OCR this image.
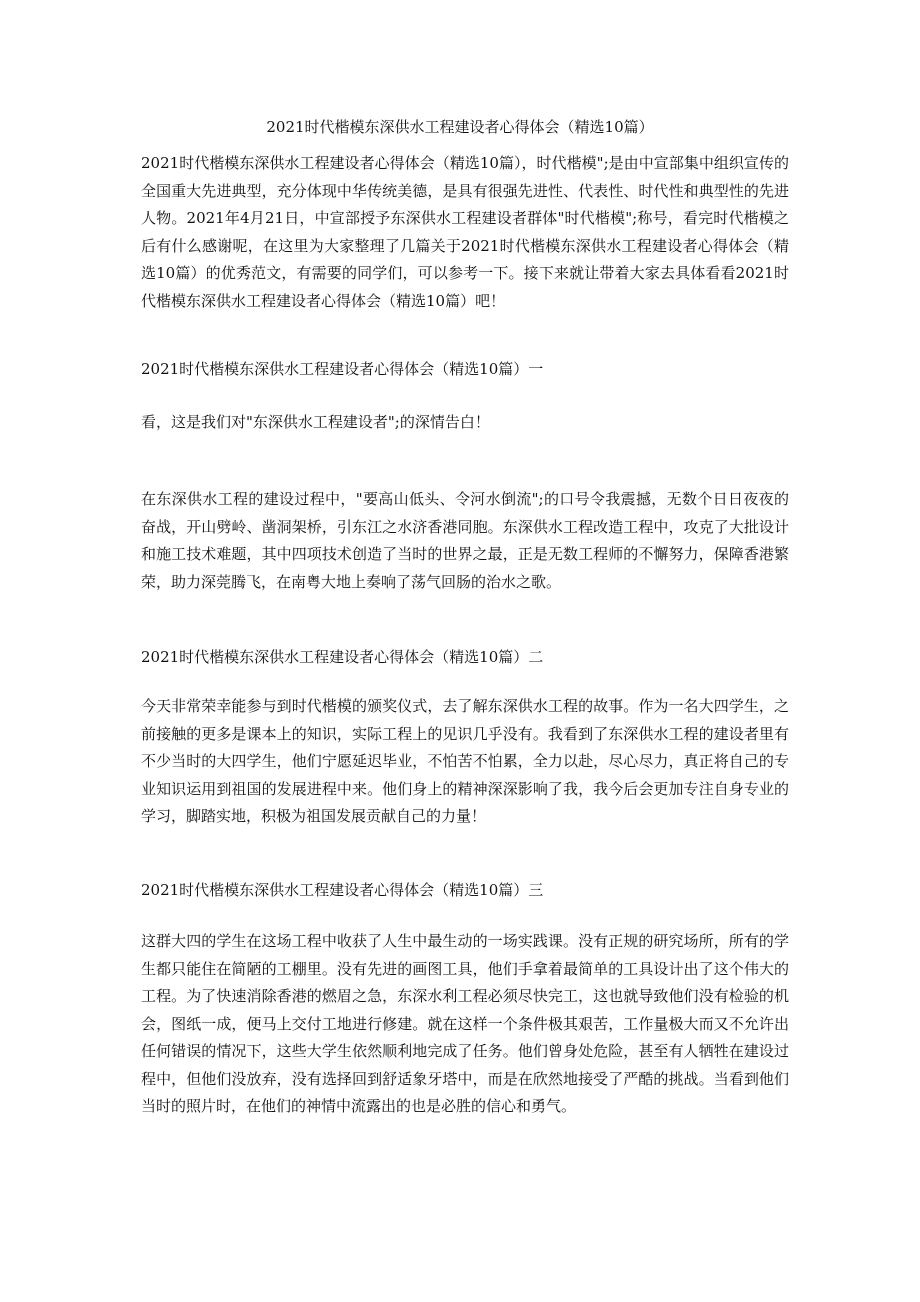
2021时代楷模东深供水工程建设者心得体会（精选10篇）

2021时代楷模东深供水工程建设者心得体会（精选10篇），时代楷模";是由中宣部集中组织宣传的全国重大先进典型，充分体现中华传统美德，是具有很强先进性、代表性、时代性和典型性的先进人物。2021年4月21日，中宣部授予东深供水工程建设者群体"时代楷模";称号，看完时代楷模之后有什么感谢呢，在这里为大家整理了几篇关于2021时代楷模东深供水工程建设者心得体会（精选10篇）的优秀范文，有需要的同学们，可以参考一下。接下来就让带着大家去具体看看2021时代楷模东深供水工程建设者心得体会（精选10篇）吧！

2021时代楷模东深供水工程建设者心得体会（精选10篇）一

看，这是我们对"东深供水工程建设者";的深情告白！

在东深供水工程的建设过程中，"要高山低头、令河水倒流";的口号令我震撼，无数个日日夜夜的奋战，开山劈岭、凿洞架桥，引东江之水济香港同胞。东深供水工程改造工程中，攻克了大批设计和施工技术难题，其中四项技术创造了当时的世界之最，正是无数工程师的不懈努力，保障香港繁荣，助力深莞腾飞，在南粤大地上奏响了荡气回肠的治水之歌。

2021时代楷模东深供水工程建设者心得体会（精选10篇）二

今天非常荣幸能参与到时代楷模的颁奖仪式，去了解东深供水工程的故事。作为一名大四学生，之前接触的更多是课本上的知识，实际工程上的见识几乎没有。我看到了东深供水工程的建设者里有不少当时的大四学生，他们宁愿延迟毕业，不怕苦不怕累，全力以赴，尽心尽力，真正将自己的专业知识运用到祖国的发展进程中来。他们身上的精神深深影响了我，我今后会更加专注自身专业的学习，脚踏实地，积极为祖国发展贡献自己的力量！

2021时代楷模东深供水工程建设者心得体会（精选10篇）三

这群大四的学生在这场工程中收获了人生中最生动的一场实践课。没有正规的研究场所，所有的学生都只能住在简陋的工棚里。没有先进的画图工具，他们手拿着最简单的工具设计出了这个伟大的工程。为了快速消除香港的燃眉之急，东深水利工程必须尽快完工，这也就导致他们没有检验的机会，图纸一成，便马上交付工地进行修建。就在这样一个条件极其艰苦，工作量极大而又不允许出任何错误的情况下，这些大学生依然顺利地完成了任务。他们曾身处危险，甚至有人牺牲在建设过程中，但他们没放弃，没有选择回到舒适象牙塔中，而是在欣然地接受了严酷的挑战。当看到他们当时的照片时，在他们的神情中流露出的也是必胜的信心和勇气。
